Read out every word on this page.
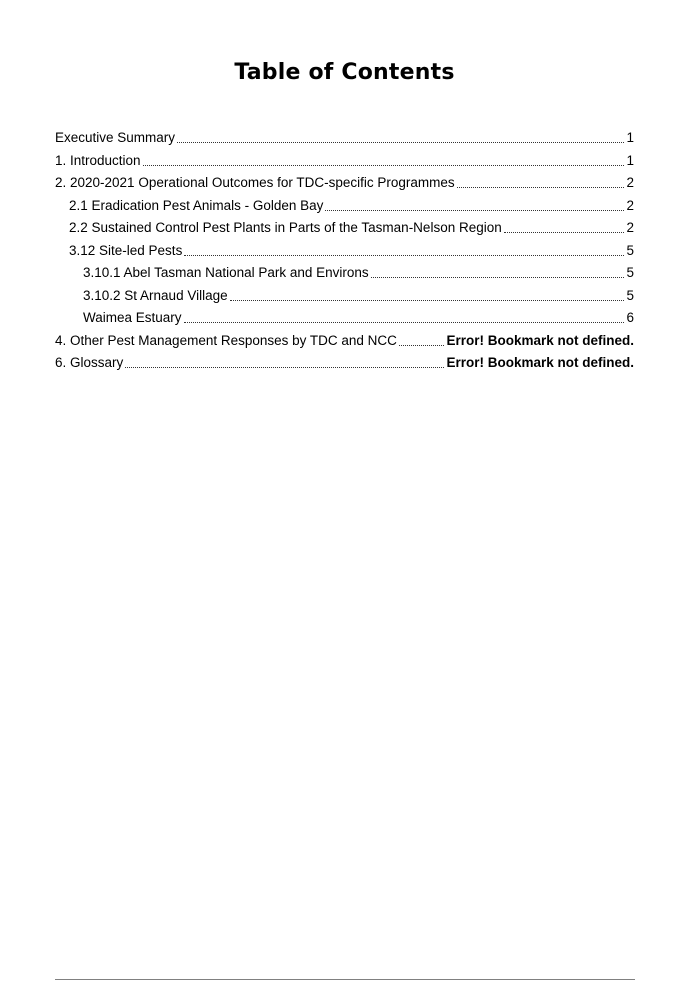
Table of Contents
Executive Summary	1
1. Introduction	1
2. 2020-2021 Operational Outcomes for TDC-specific Programmes	2
2.1 Eradication Pest Animals - Golden Bay	2
2.2 Sustained Control Pest Plants in Parts of the Tasman-Nelson Region	2
3.12 Site-led Pests	5
3.10.1 Abel Tasman National Park and Environs	5
3.10.2 St Arnaud Village	5
Waimea Estuary	6
4. Other Pest Management Responses by TDC and NCC	Error! Bookmark not defined.
6. Glossary	Error! Bookmark not defined.
